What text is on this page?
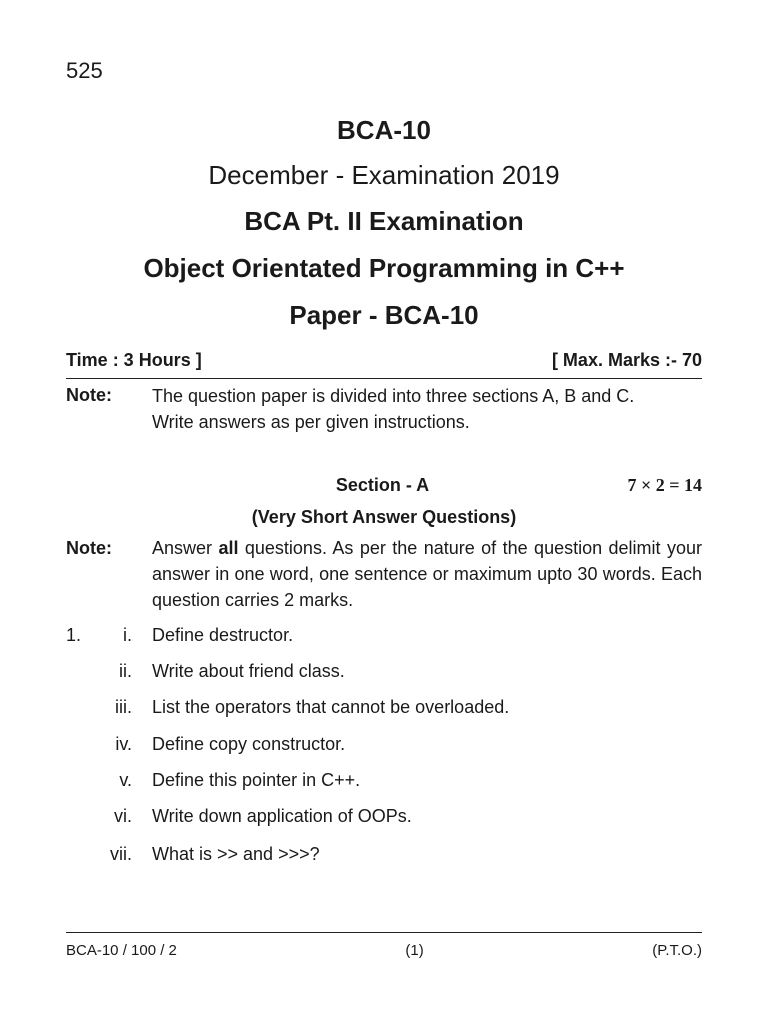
525
BCA-10
December - Examination 2019
BCA Pt. II Examination
Object Orientated Programming in C++
Paper - BCA-10
Time : 3 Hours ]	[ Max. Marks :- 70
Note: The question paper is divided into three sections A, B and C.
Write answers as per given instructions.
Section - A	7 × 2 = 14
(Very Short Answer Questions)
Note: Answer all questions. As per the nature of the question delimit your answer in one word, one sentence or maximum upto 30 words. Each question carries 2 marks.
1.	i. Define destructor.
ii. Write about friend class.
iii. List the operators that cannot be overloaded.
iv. Define copy constructor.
v. Define this pointer in C++.
vi. Write down application of OOPs.
vii. What is >> and >>>?
BCA-10 / 100 / 2	(1)	(P.T.O.)
